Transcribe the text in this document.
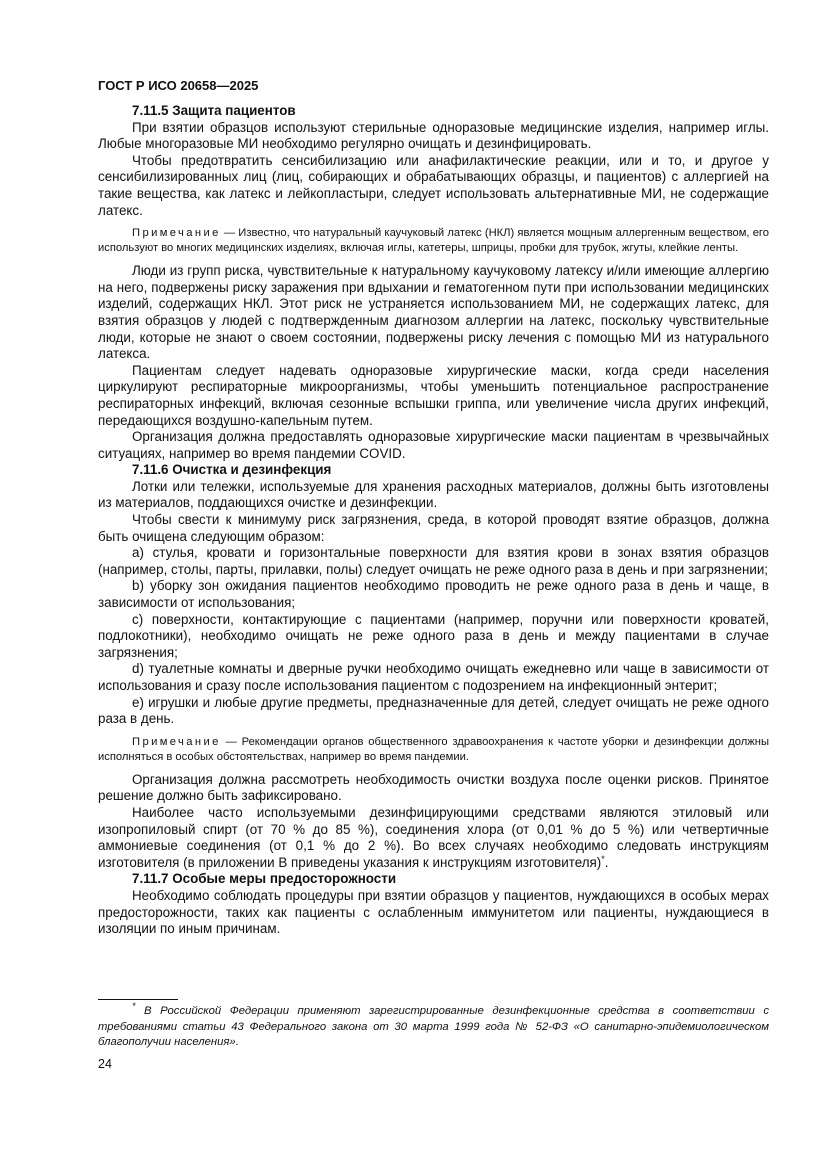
ГОСТ Р ИСО 20658—2025
7.11.5 Защита пациентов

При взятии образцов используют стерильные одноразовые медицинские изделия, например иглы. Любые многоразовые МИ необходимо регулярно очищать и дезинфицировать.

Чтобы предотвратить сенсибилизацию или анафилактические реакции, или и то, и другое у сенсибилизированных лиц (лиц, собирающих и обрабатывающих образцы, и пациентов) с аллергией на такие вещества, как латекс и лейкопластыри, следует использовать альтернативные МИ, не содержащие латекс.

Примечание — Известно, что натуральный каучуковый латекс (НКЛ) является мощным аллергенным веществом, его используют во многих медицинских изделиях, включая иглы, катетеры, шприцы, пробки для трубок, жгуты, клейкие ленты.

Люди из групп риска, чувствительные к натуральному каучуковому латексу и/или имеющие аллергию на него, подвержены риску заражения при вдыхании и гематогенном пути при использовании медицинских изделий, содержащих НКЛ. Этот риск не устраняется использованием МИ, не содержащих латекс, для взятия образцов у людей с подтвержденным диагнозом аллергии на латекс, поскольку чувствительные люди, которые не знают о своем состоянии, подвержены риску лечения с помощью МИ из натурального латекса.

Пациентам следует надевать одноразовые хирургические маски, когда среди населения циркулируют респираторные микроорганизмы, чтобы уменьшить потенциальное распространение респираторных инфекций, включая сезонные вспышки гриппа, или увеличение числа других инфекций, передающихся воздушно-капельным путем.

Организация должна предоставлять одноразовые хирургические маски пациентам в чрезвычайных ситуациях, например во время пандемии COVID.

7.11.6 Очистка и дезинфекция

Лотки или тележки, используемые для хранения расходных материалов, должны быть изготовлены из материалов, поддающихся очистке и дезинфекции.

Чтобы свести к минимуму риск загрязнения, среда, в которой проводят взятие образцов, должна быть очищена следующим образом:

a) стулья, кровати и горизонтальные поверхности для взятия крови в зонах взятия образцов (например, столы, парты, прилавки, полы) следует очищать не реже одного раза в день и при загрязнении;

b) уборку зон ожидания пациентов необходимо проводить не реже одного раза в день и чаще, в зависимости от использования;

c) поверхности, контактирующие с пациентами (например, поручни или поверхности кроватей, подлокотники), необходимо очищать не реже одного раза в день и между пациентами в случае загрязнения;

d) туалетные комнаты и дверные ручки необходимо очищать ежедневно или чаще в зависимости от использования и сразу после использования пациентом с подозрением на инфекционный энтерит;

e) игрушки и любые другие предметы, предназначенные для детей, следует очищать не реже одного раза в день.

Примечание — Рекомендации органов общественного здравоохранения к частоте уборки и дезинфекции должны исполняться в особых обстоятельствах, например во время пандемии.

Организация должна рассмотреть необходимость очистки воздуха после оценки рисков. Принятое решение должно быть зафиксировано.

Наиболее часто используемыми дезинфицирующими средствами являются этиловый или изопропиловый спирт (от 70 % до 85 %), соединения хлора (от 0,01 % до 5 %) или четвертичные аммониевые соединения (от 0,1 % до 2 %). Во всех случаях необходимо следовать инструкциям изготовителя (в приложении В приведены указания к инструкциям изготовителя)*.

7.11.7 Особые меры предосторожности

Необходимо соблюдать процедуры при взятии образцов у пациентов, нуждающихся в особых мерах предосторожности, таких как пациенты с ослабленным иммунитетом или пациенты, нуждающиеся в изоляции по иным причинам.

* В Российской Федерации применяют зарегистрированные дезинфекционные средства в соответствии с требованиями статьи 43 Федерального закона от 30 марта 1999 года № 52-ФЗ «О санитарно-эпидемиологическом благополучии населения».
24
